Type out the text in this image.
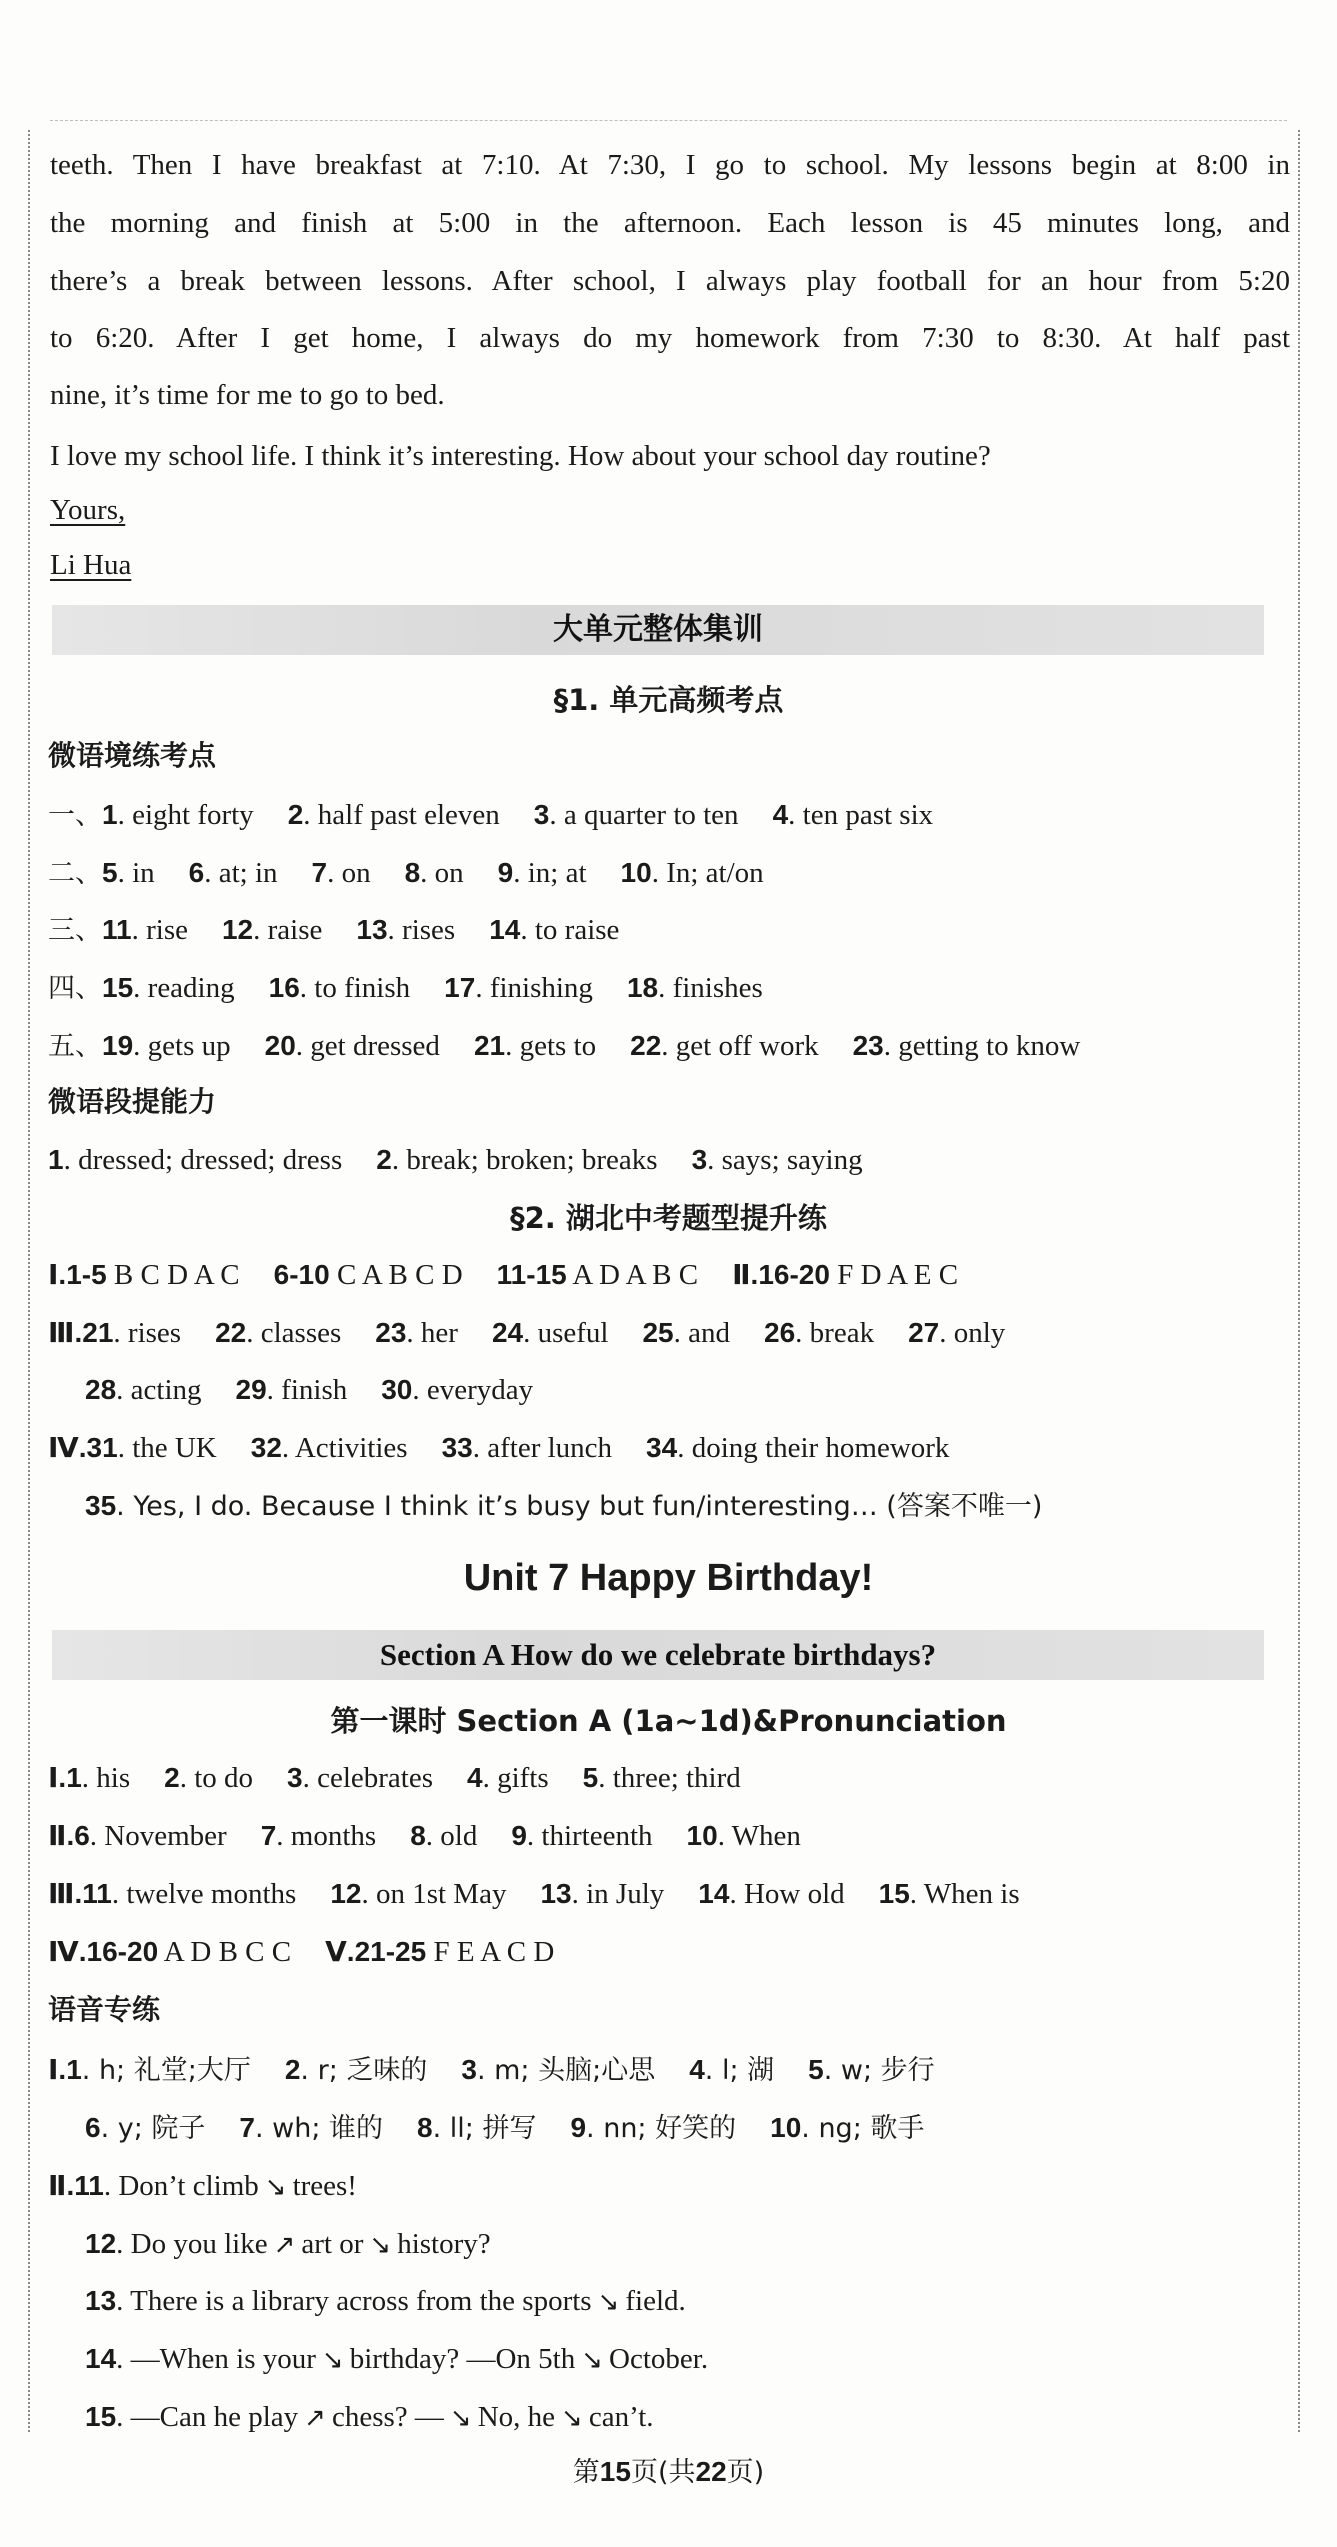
teeth. Then I have breakfast at 7:10. At 7:30, I go to school. My lessons begin at 8:00 in
the morning and finish at 5:00 in the afternoon. Each lesson is 45 minutes long, and
there’s a break between lessons. After school, I always play football for an hour from 5:20
to 6:20. After I get home, I always do my homework from 7:30 to 8:30. At half past
nine, it’s time for me to go to bed.
I love my school life. I think it’s interesting. How about your school day routine?
Yours,
Li Hua
大单元整体集训
§1. 单元高频考点
微语境练考点
一、1. eight forty 2. half past eleven 3. a quarter to ten 4. ten past six
二、5. in 6. at; in 7. on 8. on 9. in; at 10. In; at/on
三、11. rise 12. raise 13. rises 14. to raise
四、15. reading 16. to finish 17. finishing 18. finishes
五、19. gets up 20. get dressed 21. gets to 22. get off work 23. getting to know
微语段提能力
1. dressed; dressed; dress 2. break; broken; breaks 3. says; saying
§2. 湖北中考题型提升练
Ⅰ.1-5 B C D A C 6-10 C A B C D 11-15 A D A B C Ⅱ.16-20 F D A E C
Ⅲ.21. rises 22. classes 23. her 24. useful 25. and 26. break 27. only
28. acting 29. finish 30. everyday
Ⅳ.31. the UK 32. Activities 33. after lunch 34. doing their homework
35. Yes, I do. Because I think it’s busy but fun/interesting… (答案不唯一)
Unit 7 Happy Birthday!
Section A How do we celebrate birthdays?
第一课时 Section A (1a~1d)&Pronunciation
Ⅰ.1. his 2. to do 3. celebrates 4. gifts 5. three; third
Ⅱ.6. November 7. months 8. old 9. thirteenth 10. When
Ⅲ.11. twelve months 12. on 1st May 13. in July 14. How old 15. When is
Ⅳ.16-20 A D B C C Ⅴ.21-25 F E A C D
语音专练
Ⅰ.1. h; 礼堂;大厅 2. r; 乏味的 3. m; 头脑;心思 4. l; 湖 5. w; 步行
6. y; 院子 7. wh; 谁的 8. ll; 拼写 9. nn; 好笑的 10. ng; 歌手
Ⅱ.11. Don’t climb ↘ trees!
12. Do you like ↗ art or ↘ history?
13. There is a library across from the sports ↘ field.
14. —When is your ↘ birthday? —On 5th ↘ October.
15. —Can he play ↗ chess? — ↘ No, he ↘ can’t.
第15页(共22页)
